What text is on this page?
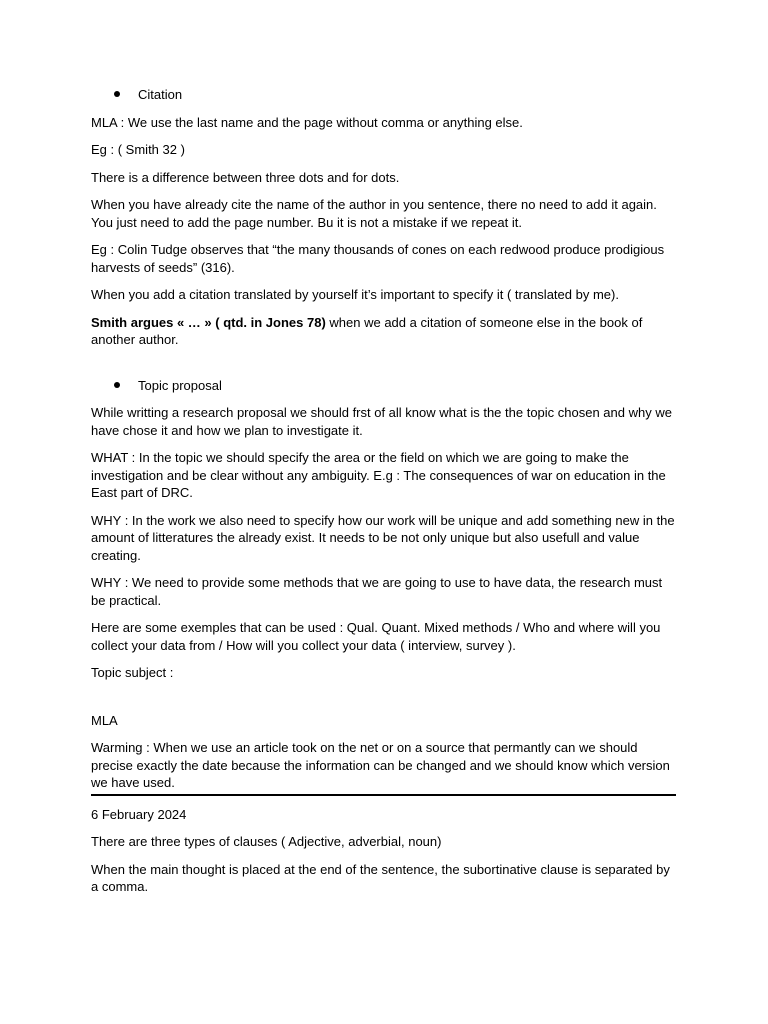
Citation

MLA : We use the last name and the page without comma or anything else.

Eg : ( Smith 32 )

There is a difference between three dots and for dots.

When you have already cite the name of the author in you sentence, there no need to add it again. You just need to add the page number. Bu it is not a mistake if we repeat it.

Eg : Colin Tudge observes that “the many thousands of cones on each redwood produce prodigious harvests of seeds” (316).

When you add a citation translated by yourself it’s important to specify it ( translated by me).

Smith argues « … » ( qtd. in Jones 78) when we add a citation of someone else in the book of another author.

Topic proposal

While writting a research proposal we should frst of all know what is the the topic chosen and why we have chose it and how we plan to investigate it.

WHAT : In the topic we should specify the area or the field on which we are going to make the investigation and be clear without any ambiguity. E.g : The consequences of war on education in the East part of DRC.

WHY : In the work we also need to specify how our work will be unique and add something new in the amount of litteratures the already exist. It needs to be not only unique but also usefull and value creating.

WHY : We need to provide some methods that we are going to use to have data, the research must be practical.

Here are some exemples that can be used : Qual. Quant. Mixed methods / Who and where will you collect your data from / How will you collect your data ( interview, survey ).

Topic subject :

MLA

Warming : When we use an article took on the net or on a source that permantly can we should precise exactly the date because the information can be changed and we should know which version we have used.

6 February 2024

There are three types of clauses ( Adjective, adverbial, noun)

When the main thought is placed at the end of the sentence, the subortinative clause is separated by a comma.
